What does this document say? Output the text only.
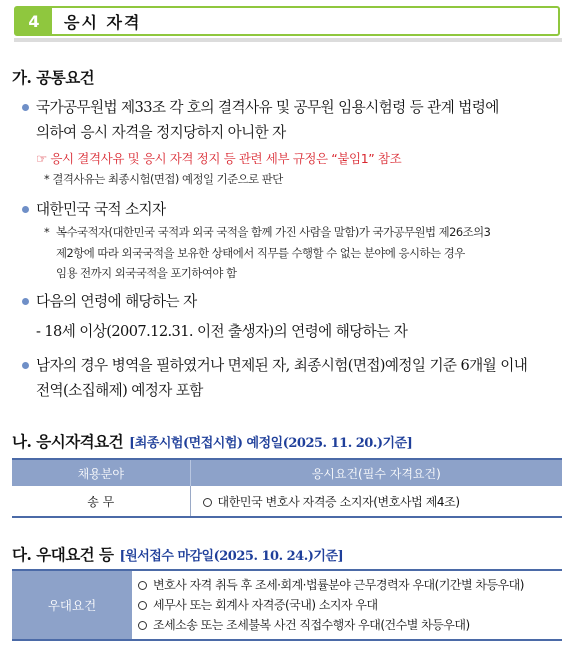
4	응시 자격
가. 공통요건
국가공무원법 제33조 각 호의 결격사유 및 공무원 임용시험령 등 관계 법령에
의하여 응시 자격을 정지당하지 아니한 자
☞ 응시 결격사유 및 응시 자격 정지 등 관련 세부 규정은 “붙임1” 참조
* 결격사유는 최종시험(면접) 예정일 기준으로 판단
대한민국 국적 소지자
* 복수국적자(대한민국 국적과 외국 국적을 함께 가진 사람을 말함)가 국가공무원법 제26조의3
제2항에 따라 외국국적을 보유한 상태에서 직무를 수행할 수 없는 분야에 응시하는 경우
임용 전까지 외국국적을 포기하여야 함
다음의 연령에 해당하는 자
- 18세 이상(2007.12.31. 이전 출생자)의 연령에 해당하는 자
남자의 경우 병역을 필하였거나 면제된 자, 최종시험(면접)예정일 기준 6개월 이내
전역(소집해제) 예정자 포함
나. 응시자격요건 [최종시험(면접시험) 예정일(2025. 11. 20.)기준]
채용분야	응시요건(필수 자격요건)
송 무	대한민국 변호사 자격증 소지자(변호사법 제4조)
다. 우대요건 등 [원서접수 마감일(2025. 10. 24.)기준]
우대요건	
변호사 자격 취득 후 조세·회계·법률분야 근무경력자 우대(기간별 차등우대)
세무사 또는 회계사 자격증(국내) 소지자 우대
조세소송 또는 조세불복 사건 직접수행자 우대(건수별 차등우대)
